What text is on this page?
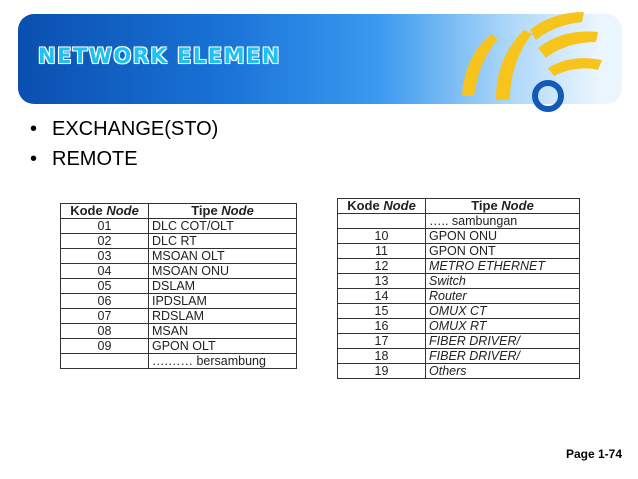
NETWORK ELEMEN
• EXCHANGE(STO)
• REMOTE
Kode Node	Tipe Node
01	DLC COT/OLT
02	DLC RT
03	MSOAN OLT
04	MSOAN ONU
05	DSLAM
06	IPDSLAM
07	RDSLAM
08	MSAN
09	GPON OLT
	….…… bersambung
Kode Node	Tipe Node
	….. sambungan
10	GPON ONU
11	GPON ONT
12	METRO ETHERNET
13	Switch
14	Router
15	OMUX CT
16	OMUX RT
17	FIBER DRIVER/
18	FIBER DRIVER/
19	Others
Page 1-74
